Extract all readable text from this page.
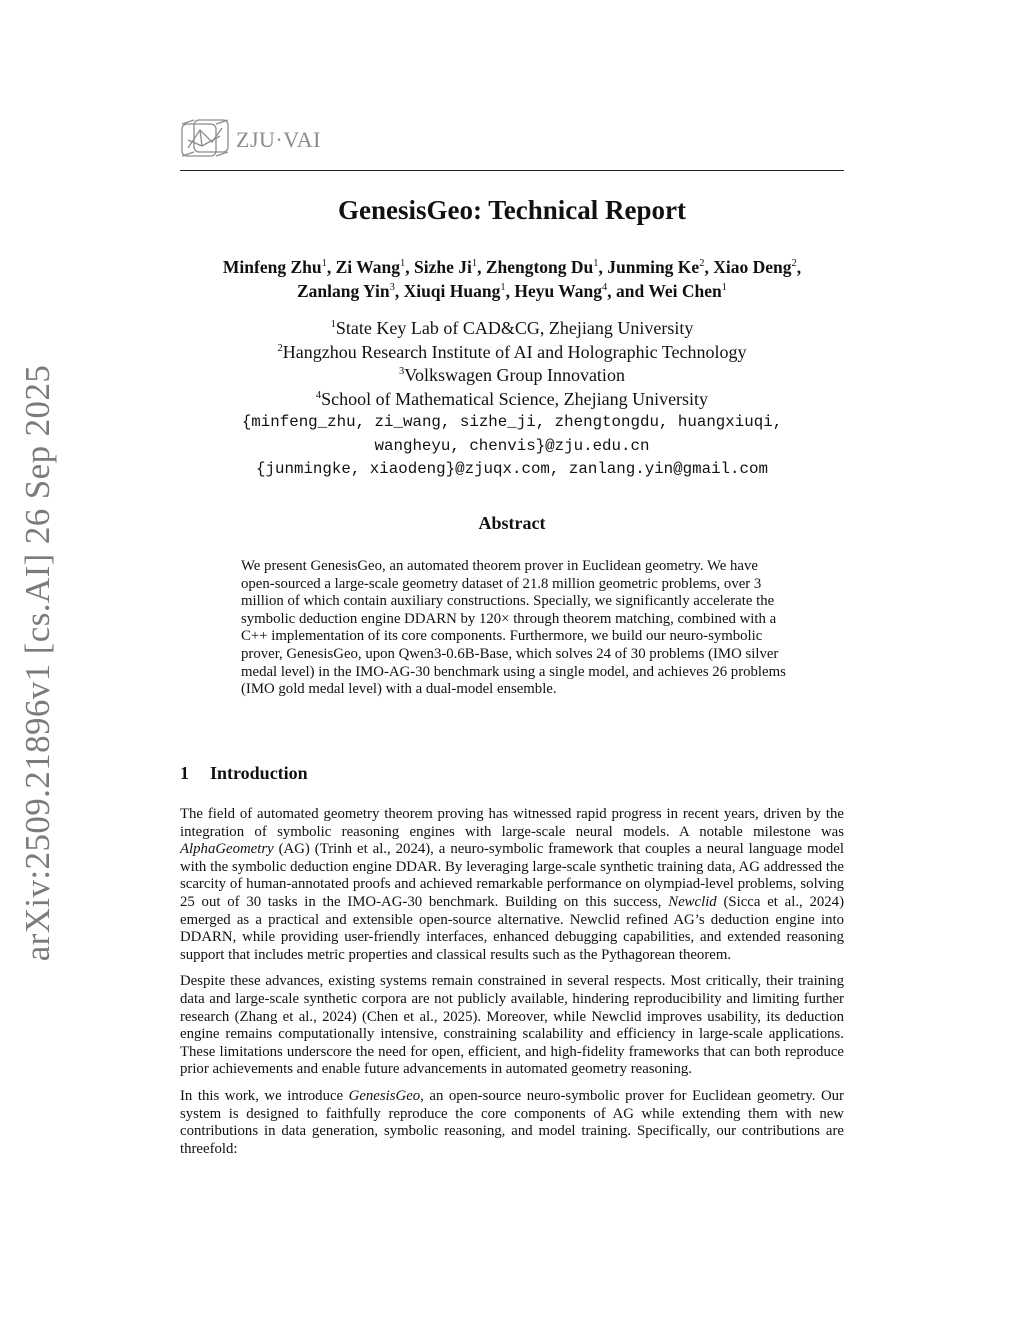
arXiv:2509.21896v1 [cs.AI] 26 Sep 2025
ZJU·VAI
GenesisGeo: Technical Report
Minfeng Zhu$^1$, Zi Wang$^1$, Sizhe Ji$^1$, Zhengtong Du$^1$, Junming Ke$^2$, Xiao Deng$^2$,
Zanlang Yin$^3$, Xiuqi Huang$^1$, Heyu Wang$^4$, and Wei Chen$^1$
$^1$State Key Lab of CAD&CG, Zhejiang University
$^2$Hangzhou Research Institute of AI and Holographic Technology
$^3$Volkswagen Group Innovation
$^4$School of Mathematical Science, Zhejiang University
{minfeng_zhu, zi_wang, sizhe_ji, zhengtongdu, huangxiuqi,
wangheyu, chenvis}@zju.edu.cn
{junmingke, xiaodeng}@zjuqx.com, zanlang.yin@gmail.com
Abstract
We present GenesisGeo, an automated theorem prover in Euclidean geometry. We have open-sourced a large-scale geometry dataset of 21.8 million geometric problems, over 3 million of which contain auxiliary constructions. Specially, we significantly accelerate the symbolic deduction engine DDARN by 120× through theorem matching, combined with a C++ implementation of its core components. Furthermore, we build our neuro-symbolic prover, GenesisGeo, upon Qwen3-0.6B-Base, which solves 24 of 30 problems (IMO silver medal level) in the IMO-AG-30 benchmark using a single model, and achieves 26 problems (IMO gold medal level) with a dual-model ensemble.
1 Introduction

The field of automated geometry theorem proving has witnessed rapid progress in recent years, driven by the integration of symbolic reasoning engines with large-scale neural models. A notable milestone was AlphaGeometry (AG) (Trinh et al., 2024), a neuro-symbolic framework that couples a neural language model with the symbolic deduction engine DDAR. By leveraging large-scale synthetic training data, AG addressed the scarcity of human-annotated proofs and achieved remarkable performance on olympiad-level problems, solving 25 out of 30 tasks in the IMO-AG-30 benchmark. Building on this success, Newclid (Sicca et al., 2024) emerged as a practical and extensible open-source alternative. Newclid refined AG’s deduction engine into DDARN, while providing user-friendly interfaces, enhanced debugging capabilities, and extended reasoning support that includes metric properties and classical results such as the Pythagorean theorem.

Despite these advances, existing systems remain constrained in several respects. Most critically, their training data and large-scale synthetic corpora are not publicly available, hindering reproducibility and limiting further research (Zhang et al., 2024) (Chen et al., 2025). Moreover, while Newclid improves usability, its deduction engine remains computationally intensive, constraining scalability and efficiency in large-scale applications. These limitations underscore the need for open, efficient, and high-fidelity frameworks that can both reproduce prior achievements and enable future advancements in automated geometry reasoning.

In this work, we introduce GenesisGeo, an open-source neuro-symbolic prover for Euclidean geometry. Our system is designed to faithfully reproduce the core components of AG while extending them with new contributions in data generation, symbolic reasoning, and model training. Specifically, our contributions are threefold:
